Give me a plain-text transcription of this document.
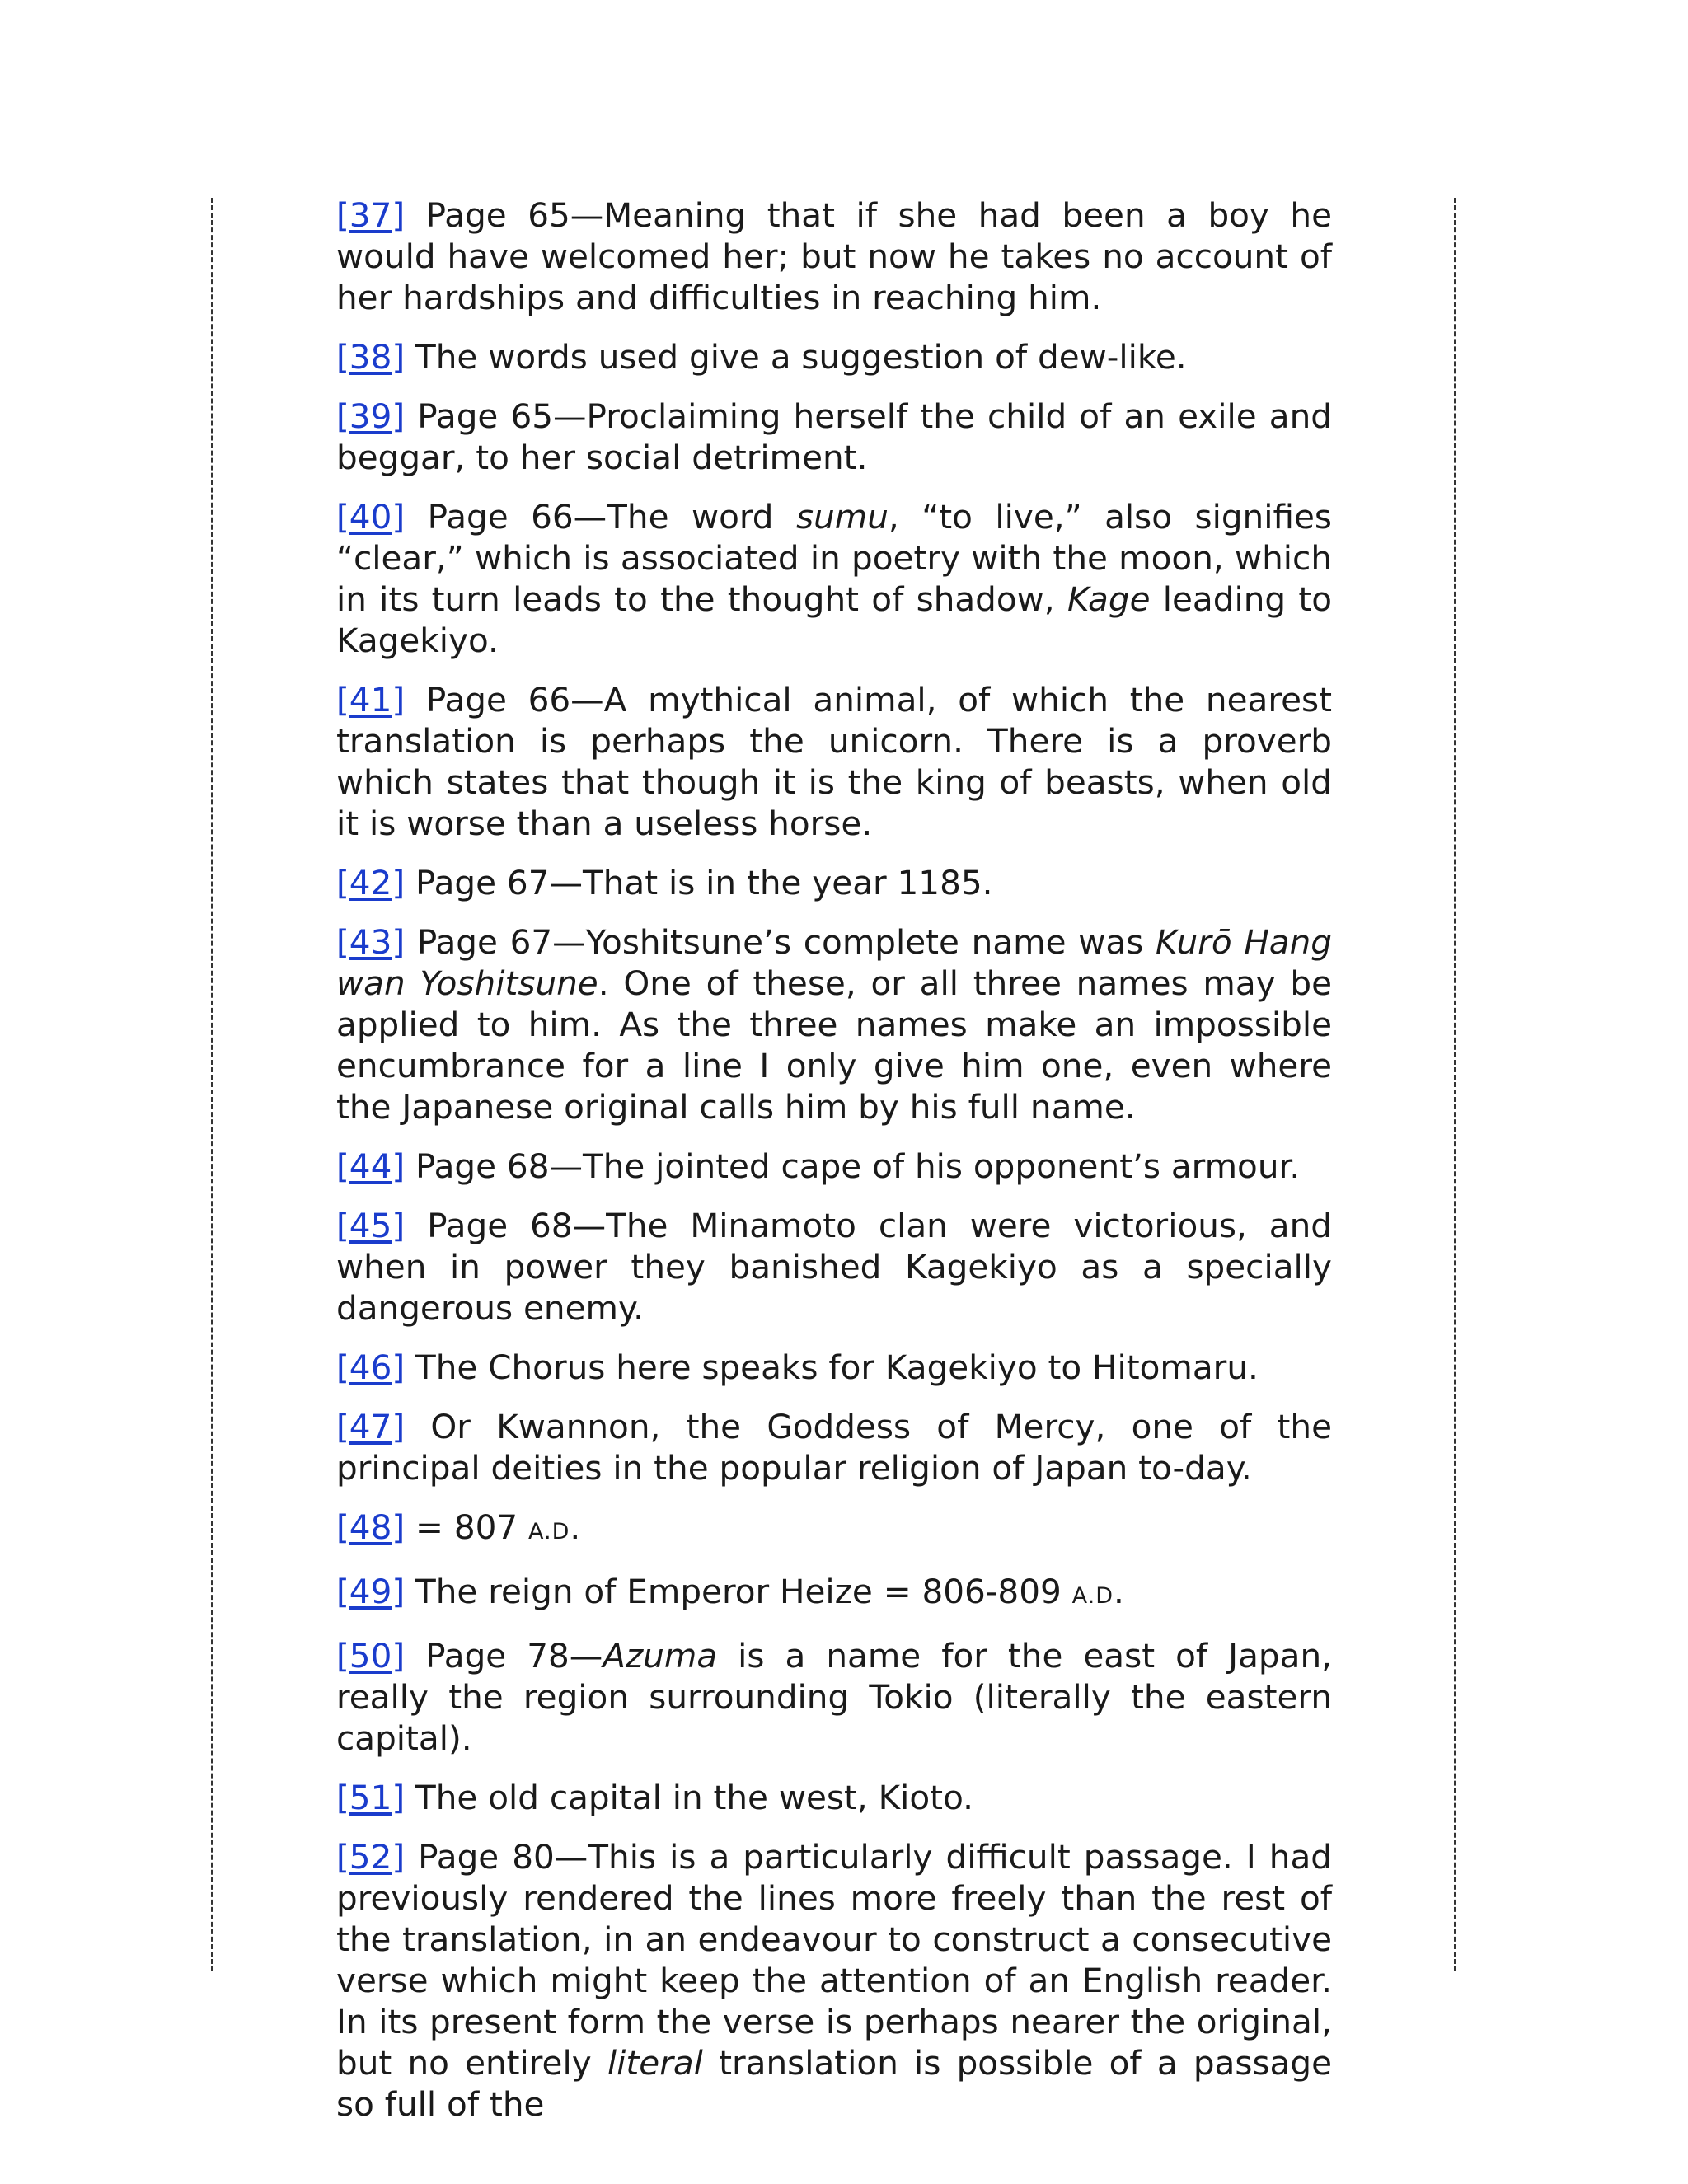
[37] Page 65—Meaning that if she had been a boy he would have welcomed her; but now he takes no account of her hardships and difficulties in reaching him.

[38] The words used give a suggestion of dew-like.

[39] Page 65—Proclaiming herself the child of an exile and beggar, to her social detriment.

[40] Page 66—The word sumu, “to live,” also signifies “clear,” which is associated in poetry with the moon, which in its turn leads to the thought of shadow, Kage leading to Kagekiyo.

[41] Page 66—A mythical animal, of which the nearest translation is perhaps the unicorn. There is a proverb which states that though it is the king of beasts, when old it is worse than a useless horse.

[42] Page 67—That is in the year 1185.

[43] Page 67—Yoshitsune’s complete name was Kurō Hang wan Yoshitsune. One of these, or all three names may be applied to him. As the three names make an impossible encumbrance for a line I only give him one, even where the Japanese original calls him by his full name.

[44] Page 68—The jointed cape of his opponent’s armour.

[45] Page 68—The Minamoto clan were victorious, and when in power they banished Kagekiyo as a specially dangerous enemy.

[46] The Chorus here speaks for Kagekiyo to Hitomaru.

[47] Or Kwannon, the Goddess of Mercy, one of the principal deities in the popular religion of Japan to-day.

[48] = 807 A.D.

[49] The reign of Emperor Heize = 806-809 A.D.

[50] Page 78—Azuma is a name for the east of Japan, really the region surrounding Tokio (literally the eastern capital).

[51] The old capital in the west, Kioto.

[52] Page 80—This is a particularly difficult passage. I had previously rendered the lines more freely than the rest of the translation, in an endeavour to construct a consecutive verse which might keep the attention of an English reader. In its present form the verse is perhaps nearer the original, but no entirely literal translation is possible of a passage so full of the
